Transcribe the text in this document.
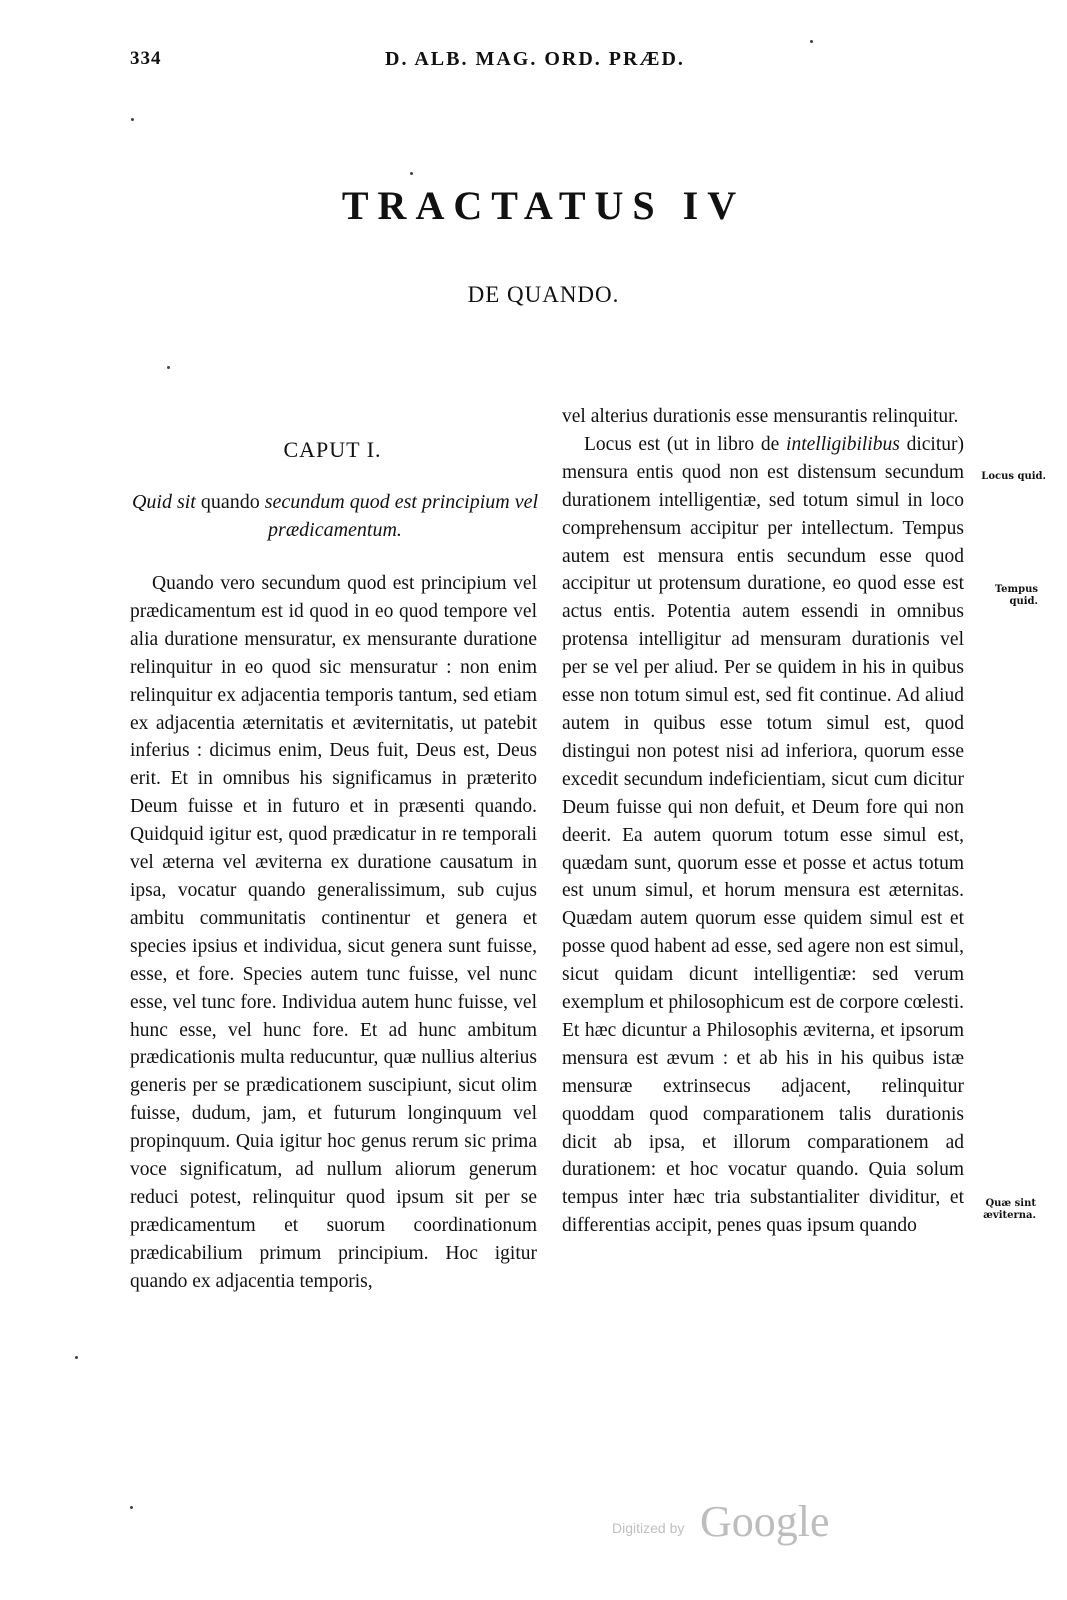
334	D. ALB. MAG. ORD. PRÆD.
TRACTATUS IV
DE QUANDO.
CAPUT I.
Quid sit quando secundum quod est principium vel prædicamentum.

Quando vero secundum quod est principium vel prædicamentum est id quod in eo quod tempore vel alia duratione mensuratur, ex mensurante duratione relinquitur in eo quod sic mensuratur : non enim relinquitur ex adjacentia temporis tantum, sed etiam ex adjacentia æternitatis et æviternitatis, ut patebit inferius : dicimus enim, Deus fuit, Deus est, Deus erit. Et in omnibus his significamus in præterito Deum fuisse et in futuro et in præsenti quando. Quidquid igitur est, quod prædicatur in re temporali vel æterna vel æviterna ex duratione causatum in ipsa, vocatur quando generalissimum, sub cujus ambitu communitatis continentur et genera et species ipsius et individua, sicut genera sunt fuisse, esse, et fore. Species autem tunc fuisse, vel nunc esse, vel tunc fore. Individua autem hunc fuisse, vel hunc esse, vel hunc fore. Et ad hunc ambitum prædicationis multa reducuntur, quæ nullius alterius generis per se prædicationem suscipiunt, sicut olim fuisse, dudum, jam, et futurum longinquum vel propinquum. Quia igitur hoc genus rerum sic prima voce significatum, ad nullum aliorum generum reduci potest, relinquitur quod ipsum sit per se prædicamentum et suorum coordinationum prædicabilium primum principium. Hoc igitur quando ex adjacentia temporis,

vel alterius durationis esse mensurantis relinquitur.

Locus est (ut in libro de intelligibilibus dicitur) mensura entis quod non est distensum secundum durationem intelligentiæ, sed totum simul in loco comprehensum accipitur per intellectum. Tempus autem est mensura entis secundum esse quod accipitur ut protensum duratione, eo quod esse est actus entis. Potentia autem essendi in omnibus protensa intelligitur ad mensuram durationis vel per se vel per aliud. Per se quidem in his in quibus esse non totum simul est, sed fit continue. Ad aliud autem in quibus esse totum simul est, quod distingui non potest nisi ad inferiora, quorum esse excedit secundum indeficientiam, sicut cum dicitur Deum fuisse qui non defuit, et Deum fore qui non deerit. Ea autem quorum totum esse simul est, quædam sunt, quorum esse et posse et actus totum est unum simul, et horum mensura est æternitas. Quædam autem quorum esse quidem simul est et posse quod habent ad esse, sed agere non est simul, sicut quidam dicunt intelligentiæ: sed verum exemplum et philosophicum est de corpore cœlesti. Et hæc dicuntur a Philosophis æviterna, et ipsorum mensura est ævum : et ab his in his quibus istæ mensuræ extrinsecus adjacent, relinquitur quoddam quod comparationem talis durationis dicit ab ipsa, et illorum comparationem ad durationem: et hoc vocatur quando. Quia solum tempus inter hæc tria substantialiter dividitur, et differentias accipit, penes quas ipsum quando

Locus quid.
Tempus quid.
Quæ sint æviterna.
Digitized by Google
